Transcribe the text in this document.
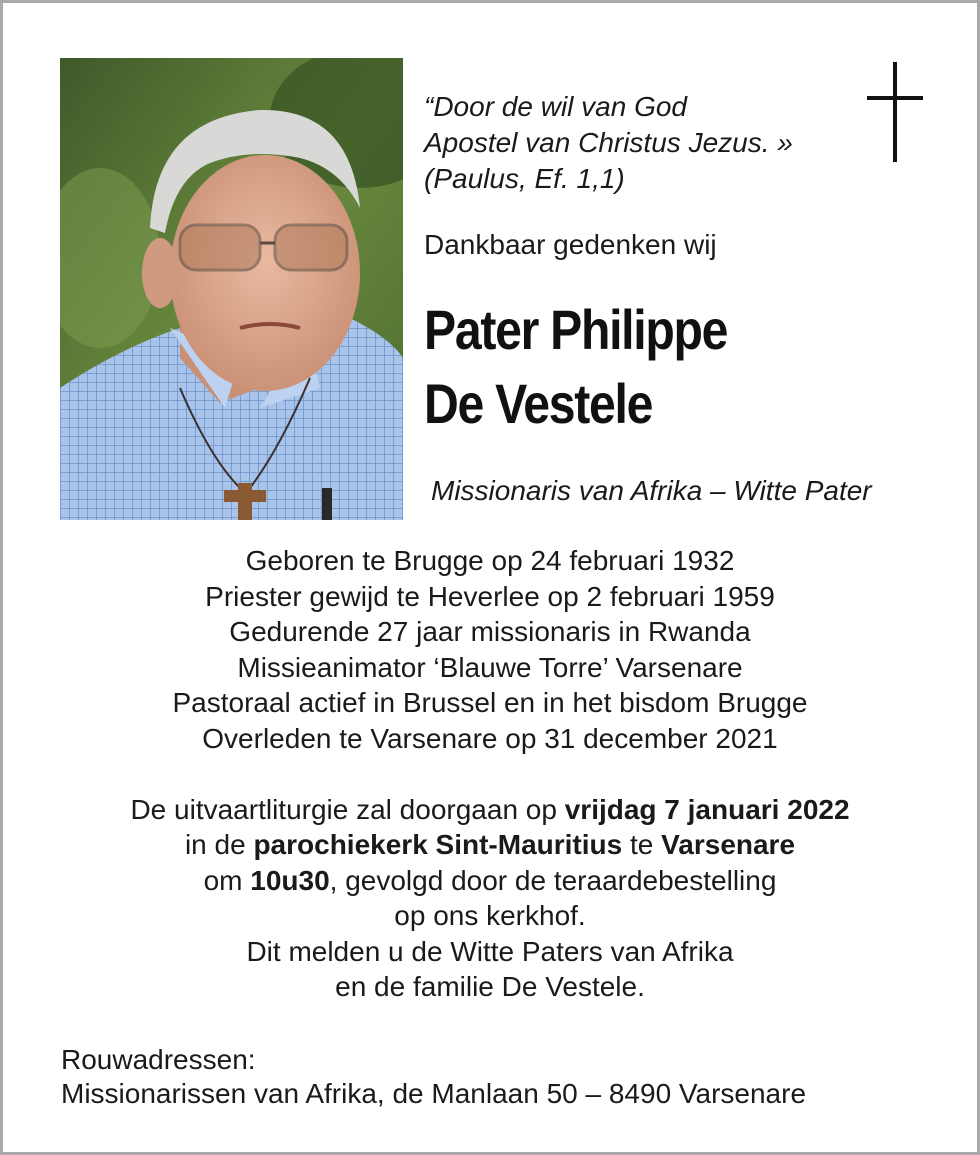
“Door de wil van God
Apostel van Christus Jezus. »
(Paulus, Ef. 1,1)
Dankbaar gedenken wij
Pater Philippe
De Vestele
Missionaris van Afrika – Witte Pater
Geboren te Brugge op 24 februari 1932
Priester gewijd te Heverlee op 2 februari 1959
Gedurende 27 jaar missionaris in Rwanda
Missieanimator ‘Blauwe Torre’ Varsenare
Pastoraal actief in Brussel en in het bisdom Brugge
Overleden te Varsenare op 31 december 2021
De uitvaartliturgie zal doorgaan op vrijdag 7 januari 2022
in de parochiekerk Sint-Mauritius te Varsenare
om 10u30, gevolgd door de teraardebestelling
op ons kerkhof.
Dit melden u de Witte Paters van Afrika
en de familie De Vestele.
Rouwadressen:
Missionarissen van Afrika, de Manlaan 50 – 8490 Varsenare
